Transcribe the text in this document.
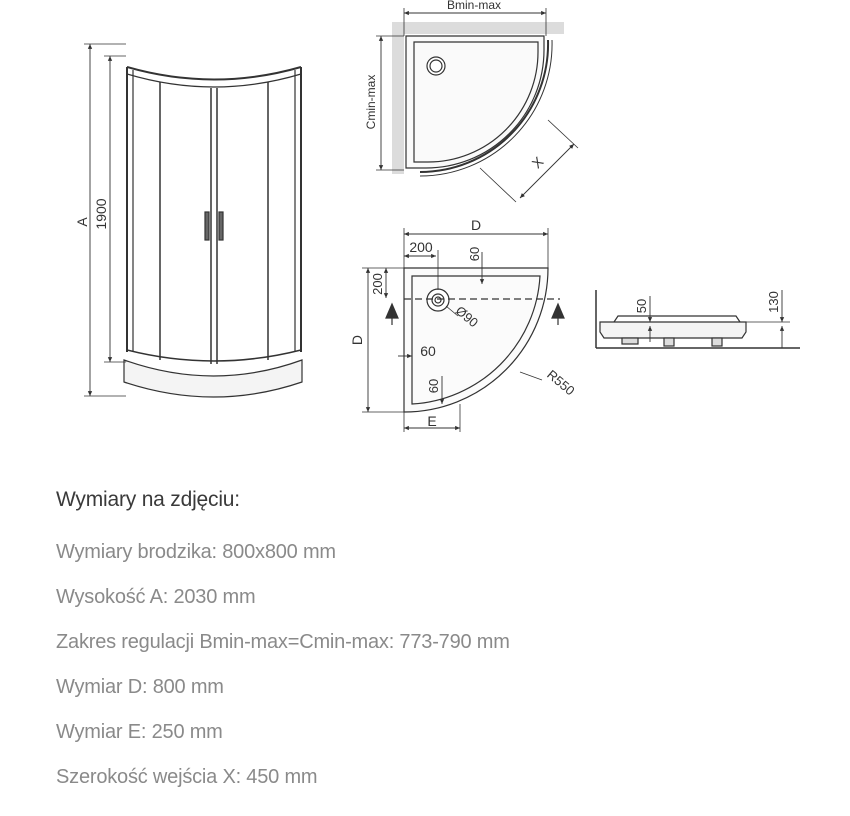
A 1900
Bmin-max
Cmin-max
X
D
D
200	60
200
Ø90
60
60
E
R550
50	130
Wymiary na zdjęciu:
Wymiary brodzika: 800x800 mm
Wysokość A: 2030 mm
Zakres regulacji Bmin-max=Cmin-max: 773-790 mm
Wymiar D: 800 mm
Wymiar E: 250 mm
Szerokość wejścia X: 450 mm
